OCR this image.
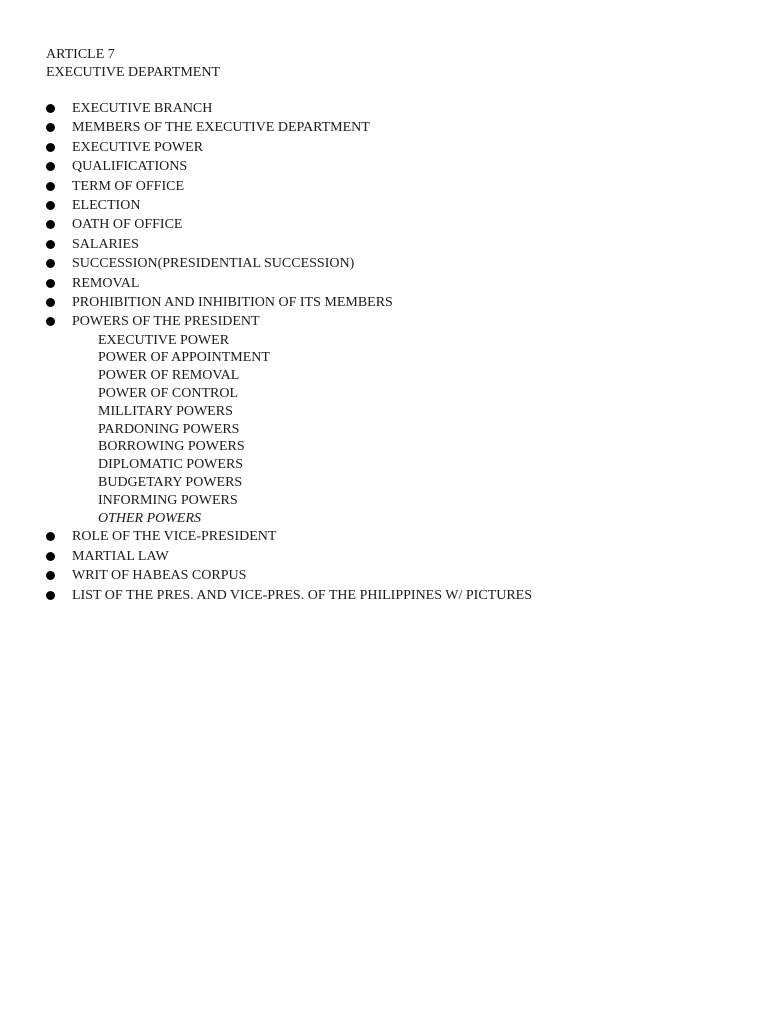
ARTICLE 7
EXECUTIVE DEPARTMENT
EXECUTIVE BRANCH
MEMBERS OF THE EXECUTIVE DEPARTMENT
EXECUTIVE POWER
QUALIFICATIONS
TERM OF OFFICE
ELECTION
OATH OF OFFICE
SALARIES
SUCCESSION(PRESIDENTIAL SUCCESSION)
REMOVAL
PROHIBITION AND INHIBITION OF ITS MEMBERS
POWERS OF THE PRESIDENT
EXECUTIVE POWER
POWER OF APPOINTMENT
POWER OF REMOVAL
POWER OF CONTROL
MILLITARY POWERS
PARDONING POWERS
BORROWING POWERS
DIPLOMATIC POWERS
BUDGETARY POWERS
INFORMING POWERS
OTHER POWERS
ROLE OF THE VICE-PRESIDENT
MARTIAL LAW
WRIT OF HABEAS CORPUS
LIST OF THE PRES. AND VICE-PRES. OF THE PHILIPPINES W/ PICTURES
